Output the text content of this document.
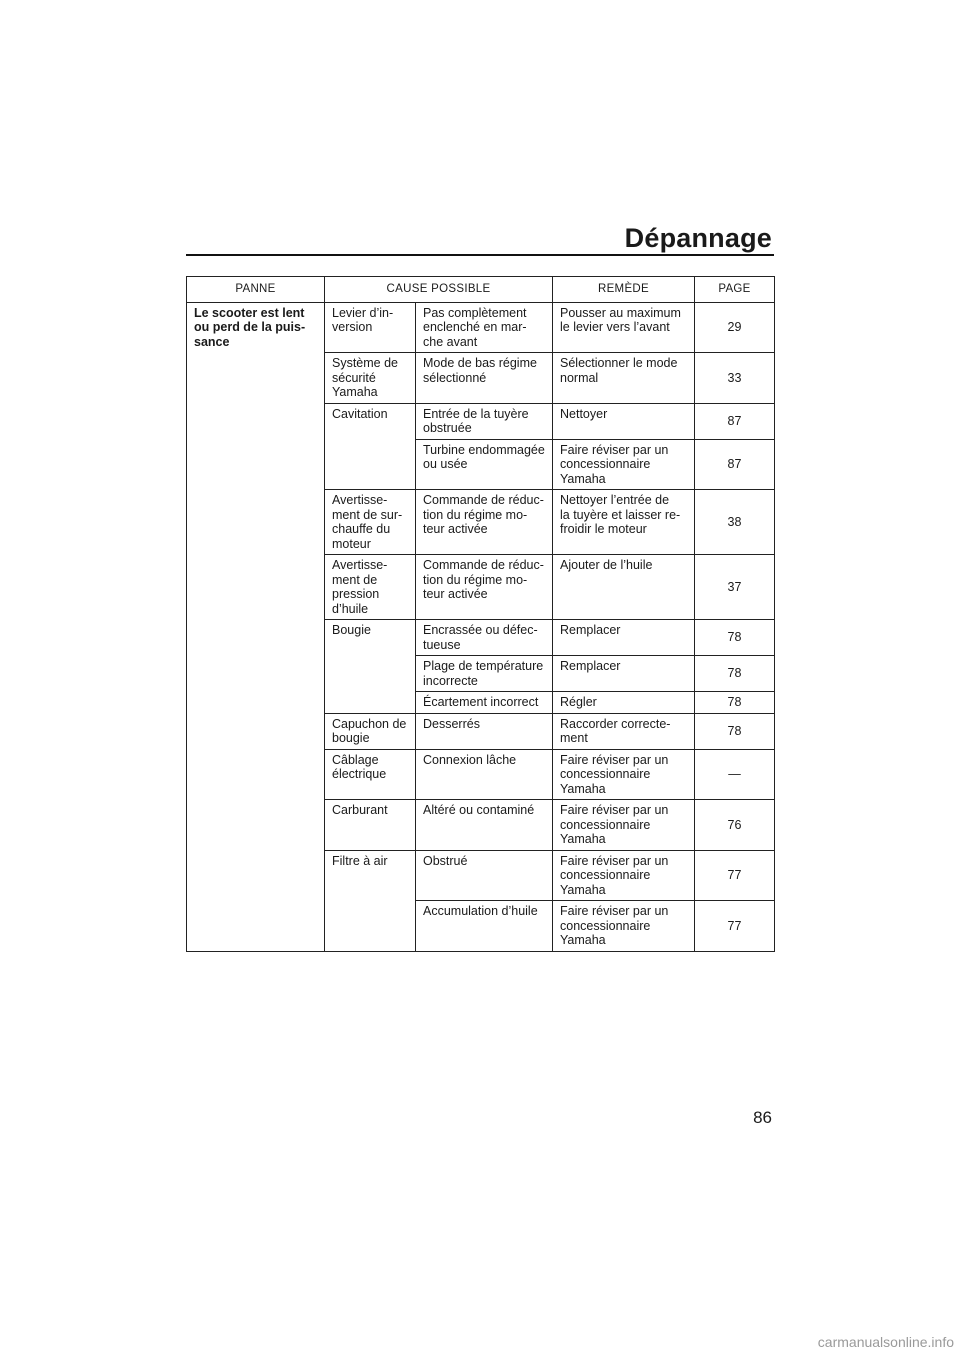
Dépannage
PANNE	CAUSE POSSIBLE		REMÈDE	PAGE
Le scooter est lent
ou perd de la puis-
sance	Levier d’in-
version	Pas complètement
enclenché en mar-
che avant	Pousser au maximum
le levier vers l’avant	29
	Système de
sécurité
Yamaha	Mode de bas régime
sélectionné	Sélectionner le mode
normal	33
	Cavitation	Entrée de la tuyère
obstruée	Nettoyer	87
		Turbine endommagée
ou usée	Faire réviser par un
concessionnaire
Yamaha	87
	Avertisse-
ment de sur-
chauffe du
moteur	Commande de réduc-
tion du régime mo-
teur activée	Nettoyer l’entrée de
la tuyère et laisser re-
froidir le moteur	38
	Avertisse-
ment de
pression
d’huile	Commande de réduc-
tion du régime mo-
teur activée	Ajouter de l’huile	37
	Bougie	Encrassée ou défec-
tueuse	Remplacer	78
		Plage de température
incorrecte	Remplacer	78
		Écartement incorrect	Régler	78
	Capuchon de
bougie	Desserrés	Raccorder correcte-
ment	78
	Câblage
électrique	Connexion lâche	Faire réviser par un
concessionnaire
Yamaha	—
	Carburant	Altéré ou contaminé	Faire réviser par un
concessionnaire
Yamaha	76
	Filtre à air	Obstrué	Faire réviser par un
concessionnaire
Yamaha	77
		Accumulation d’huile	Faire réviser par un
concessionnaire
Yamaha	77

86

carmanualsonline.info
